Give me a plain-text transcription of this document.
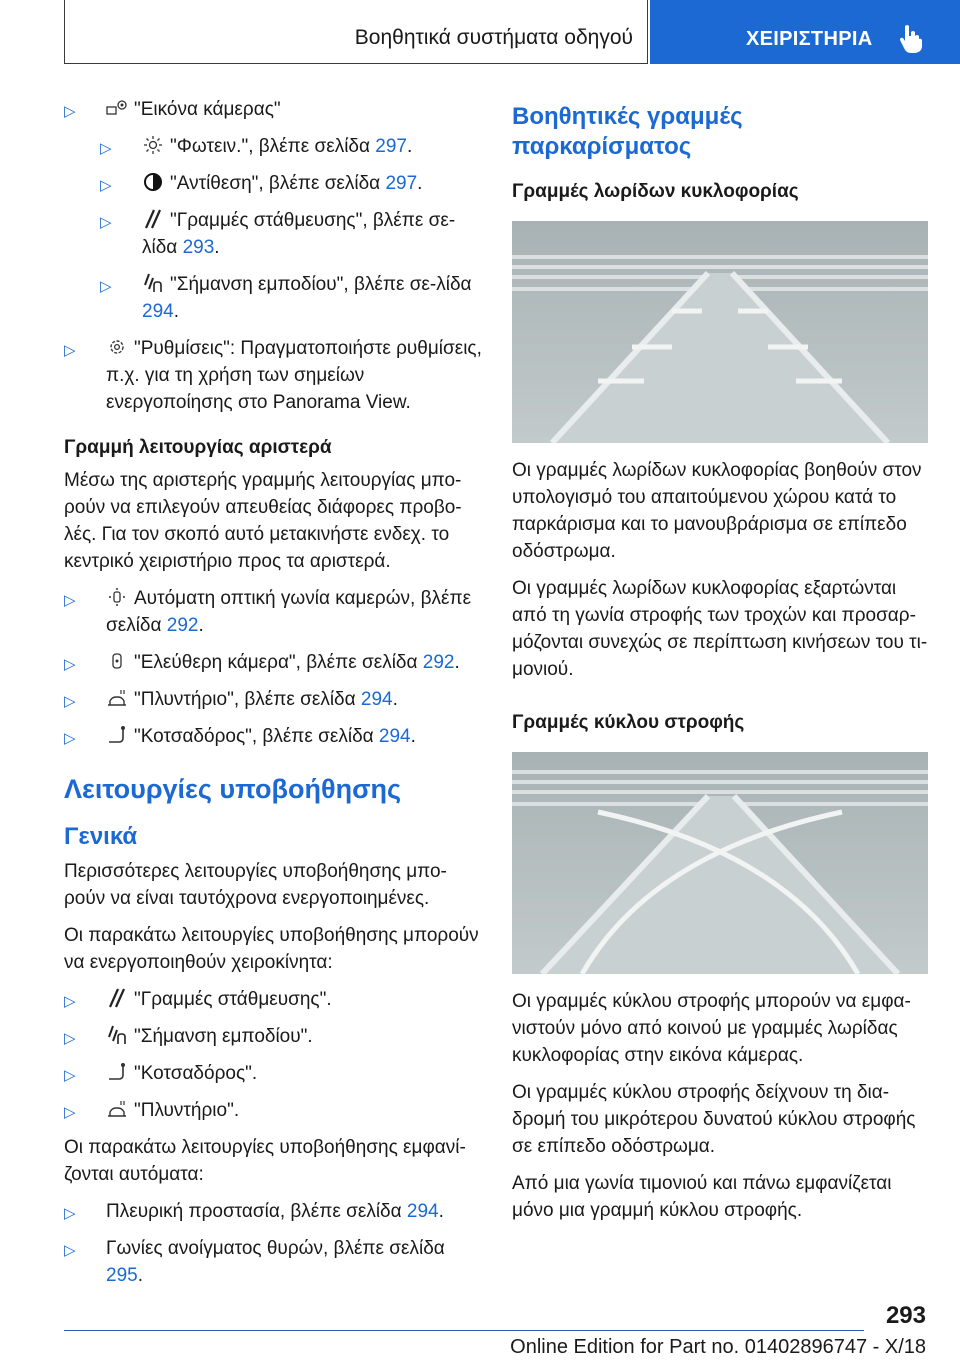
Βοηθητικά συστήματα οδηγού	ΧΕΙΡΙΣΤΗΡΙΑ
▷	"Εικόνα κάμερας"
▷	"Φωτειν.", βλέπε σελίδα 297.
▷	"Αντίθεση", βλέπε σελίδα 297.
▷	"Γραμμές στάθμευσης", βλέπε σε‐λίδα 293.
▷	"Σήμανση εμποδίου", βλέπε σε‐λίδα 294.
▷	"Ρυθμίσεις": Πραγματοποιήστε ρυθμίσεις, π.χ. για τη χρήση των σημείων ενεργοποίησης στο Panorama View.
Γραμμή λειτουργίας αριστερά

Μέσω της αριστερής γραμμής λειτουργίας μπο‐ρούν να επιλεγούν απευθείας διάφορες προβο‐λές. Για τον σκοπό αυτό μετακινήστε ενδεχ. το κεντρικό χειριστήριο προς τα αριστερά.

▷	Αυτόματη οπτική γωνία καμερών, βλέπε σελίδα 292.
▷	"Ελεύθερη κάμερα", βλέπε σελίδα 292.
▷	"Πλυντήριο", βλέπε σελίδα 294.
▷	"Κοτσαδόρος", βλέπε σελίδα 294.
Λειτουργίες υποβοήθησης
Γενικά

Περισσότερες λειτουργίες υποβοήθησης μπο‐ρούν να είναι ταυτόχρονα ενεργοποιημένες.

Οι παρακάτω λειτουργίες υποβοήθησης μπορούν να ενεργοποιηθούν χειροκίνητα:

▷	"Γραμμές στάθμευσης".
▷	"Σήμανση εμποδίου".
▷	"Κοτσαδόρος".
▷	"Πλυντήριο".

Οι παρακάτω λειτουργίες υποβοήθησης εμφανί‐ζονται αυτόματα:

▷ Πλευρική προστασία, βλέπε σελίδα 294.
▷ Γωνίες ανοίγματος θυρών, βλέπε σελίδα 295.
Βοηθητικές γραμμές παρκαρίσματος
Γραμμές λωρίδων κυκλοφορίας

Οι γραμμές λωρίδων κυκλοφορίας βοηθούν στον υπολογισμό του απαιτούμενου χώρου κατά το παρκάρισμα και το μανουβράρισμα σε επίπεδο οδόστρωμα.

Οι γραμμές λωρίδων κυκλοφορίας εξαρτώνται από τη γωνία στροφής των τροχών και προσαρ‐μόζονται συνεχώς σε περίπτωση κινήσεων του τι‐μονιού.

Γραμμές κύκλου στροφής

Οι γραμμές κύκλου στροφής μπορούν να εμφα‐νιστούν μόνο από κοινού με γραμμές λωρίδας κυκλοφορίας στην εικόνα κάμερας.

Οι γραμμές κύκλου στροφής δείχνουν τη δια‐δρομή του μικρότερου δυνατού κύκλου στροφής σε επίπεδο οδόστρωμα.

Από μια γωνία τιμονιού και πάνω εμφανίζεται μόνο μια γραμμή κύκλου στροφής.

293
Online Edition for Part no. 01402896747 - X/18
